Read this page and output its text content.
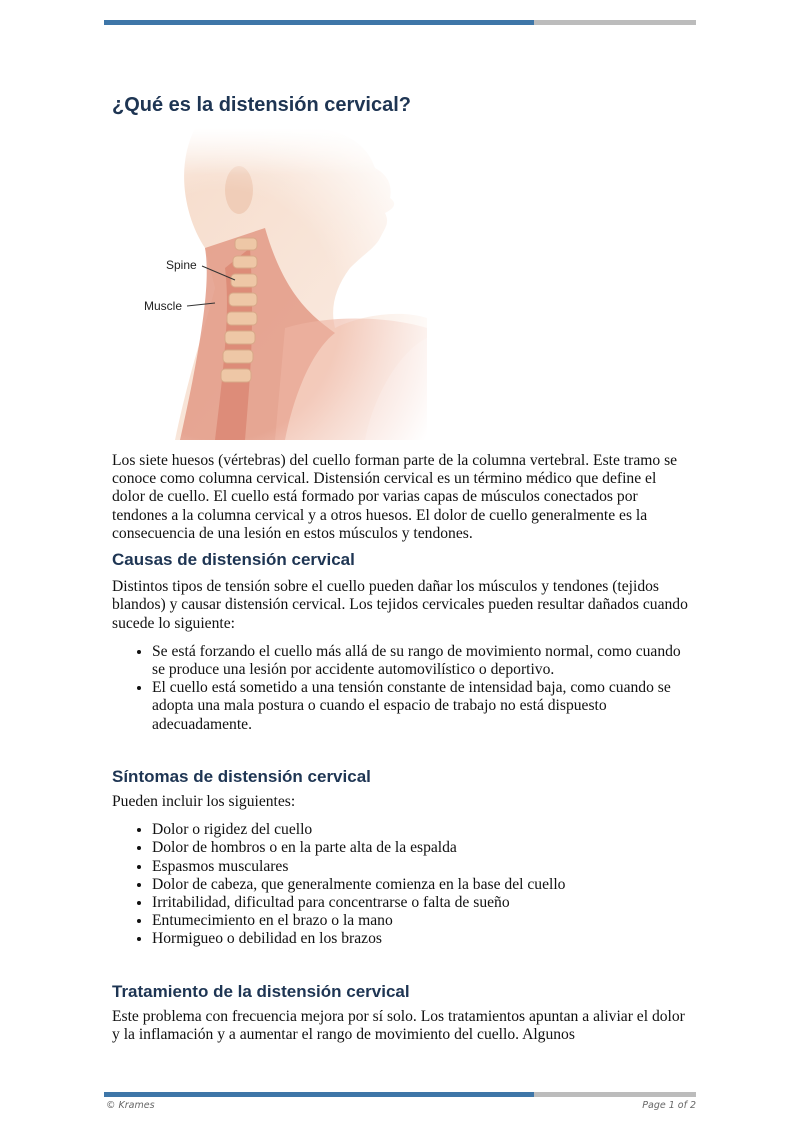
¿Qué es la distensión cervical?
Spine
Muscle

Los siete huesos (vértebras) del cuello forman parte de la columna vertebral. Este tramo se conoce como columna cervical. Distensión cervical es un término médico que define el dolor de cuello. El cuello está formado por varias capas de músculos conectados por tendones a la columna cervical y a otros huesos. El dolor de cuello generalmente es la consecuencia de una lesión en estos músculos y tendones.

Causas de distensión cervical

Distintos tipos de tensión sobre el cuello pueden dañar los músculos y tendones (tejidos blandos) y causar distensión cervical. Los tejidos cervicales pueden resultar dañados cuando sucede lo siguiente:

• Se está forzando el cuello más allá de su rango de movimiento normal, como cuando se produce una lesión por accidente automovilístico o deportivo.
• El cuello está sometido a una tensión constante de intensidad baja, como cuando se adopta una mala postura o cuando el espacio de trabajo no está dispuesto adecuadamente.
Síntomas de distensión cervical

Pueden incluir los siguientes:

• Dolor o rigidez del cuello
• Dolor de hombros o en la parte alta de la espalda
• Espasmos musculares
• Dolor de cabeza, que generalmente comienza en la base del cuello
• Irritabilidad, dificultad para concentrarse o falta de sueño
• Entumecimiento en el brazo o la mano
• Hormigueo o debilidad en los brazos
Tratamiento de la distensión cervical

Este problema con frecuencia mejora por sí solo. Los tratamientos apuntan a aliviar el dolor y la inflamación y a aumentar el rango de movimiento del cuello. Algunos

© Krames	Page 1 of 2
